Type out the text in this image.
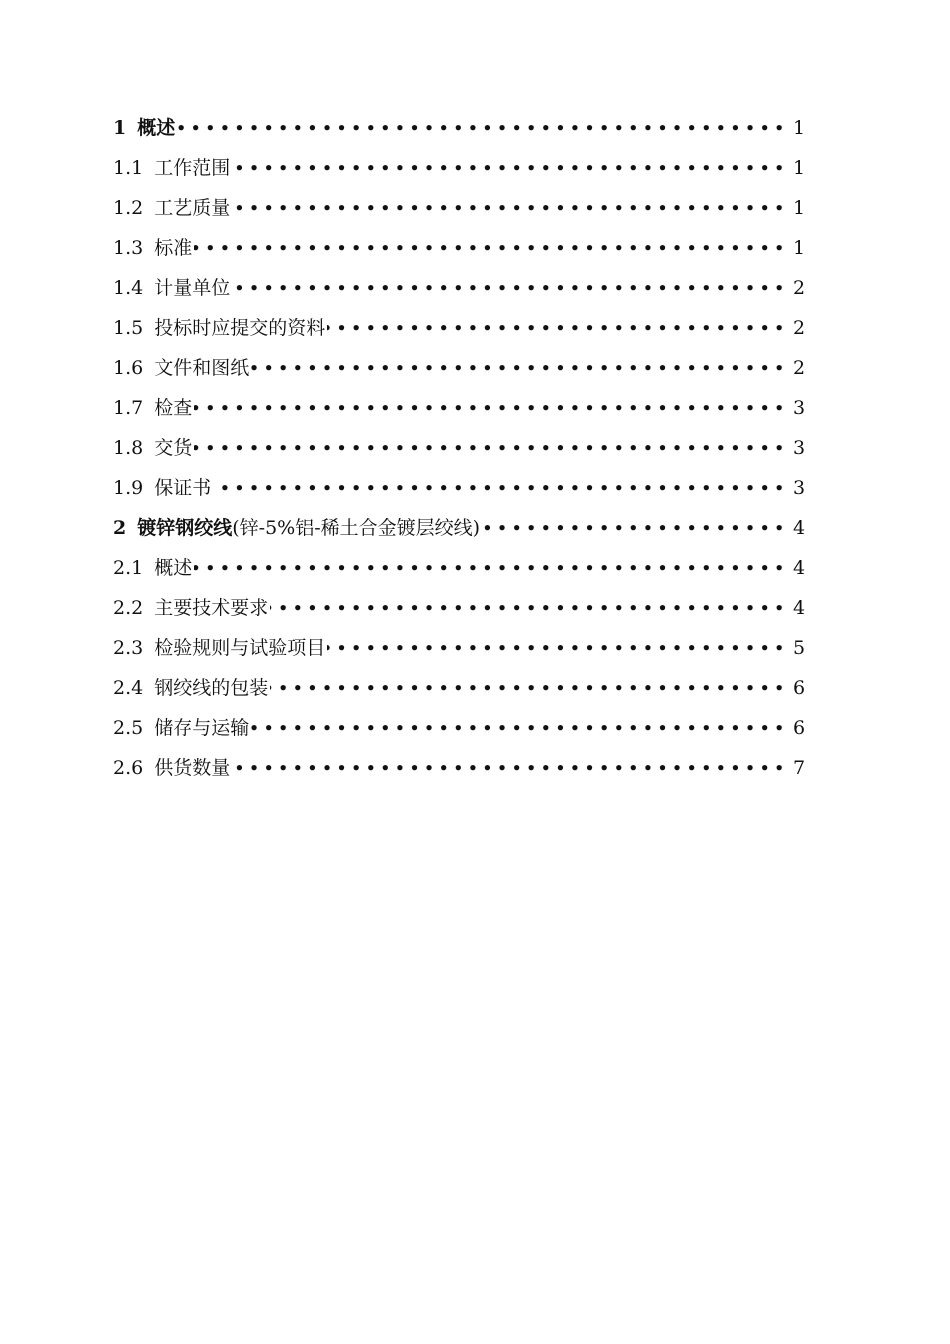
1 概述 •••••	1
1.1 工作范围 •••••	1
1.2 工艺质量 •••••	1
1.3 标准 •••••	1
1.4 计量单位 •••••	2
1.5 投标时应提交的资料 •••••	2
1.6 文件和图纸 •••••	2
1.7 检查 •••••	3
1.8 交货 •••••	3
1.9 保证书 •••••	3
2 镀锌钢绞线 (锌-5%铝-稀土合金镀层绞线) •••••	4
2.1 概述 •••••	4
2.2 主要技术要求 •••••	4
2.3 检验规则与试验项目 •••••	5
2.4 钢绞线的包装 •••••	6
2.5 储存与运输 •••••	6
2.6 供货数量 •••••	7
